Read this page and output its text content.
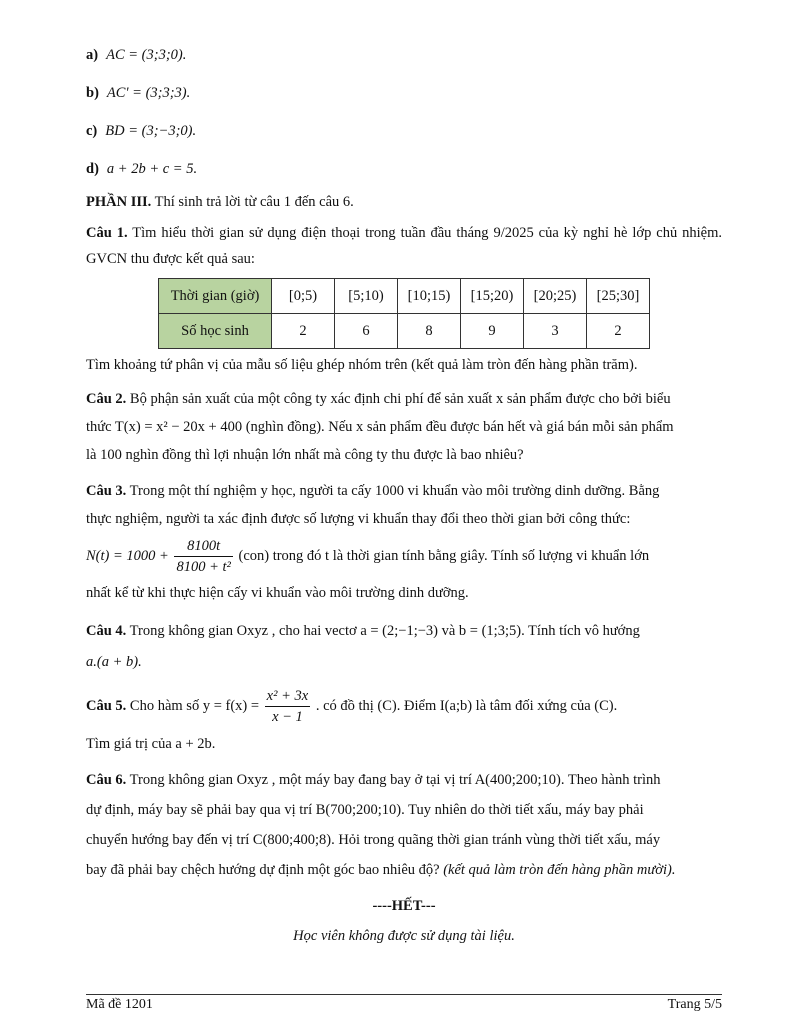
a) AC = (3;3;0).
b) AC' = (3;3;3).
c) BD = (3;−3;0).
d) a + 2b + c = 5.

PHẦN III. Thí sinh trả lời từ câu 1 đến câu 6.

Câu 1. Tìm hiểu thời gian sử dụng điện thoại trong tuần đầu tháng 9/2025 của kỳ nghỉ hè lớp chủ nhiệm. GVCN thu được kết quả sau:

Thời gian (giờ)	[0;5)	[5;10)	[10;15)	[15;20)	[20;25)	[25;30]
Số học sinh	2	6	8	9	3	2

Tìm khoảng tứ phân vị của mẫu số liệu ghép nhóm trên (kết quả làm tròn đến hàng phần trăm).

Câu 2. Bộ phận sản xuất của một công ty xác định chi phí để sản xuất x sản phẩm được cho bởi biểu

thức T(x) = x² − 20x + 400 (nghìn đồng). Nếu x sản phẩm đều được bán hết và giá bán mỗi sản phẩm

là 100 nghìn đồng thì lợi nhuận lớn nhất mà công ty thu được là bao nhiêu?

Câu 3. Trong một thí nghiệm y học, người ta cấy 1000 vi khuẩn vào môi trường dinh dưỡng. Bằng

thực nghiệm, người ta xác định được số lượng vi khuẩn thay đổi theo thời gian bởi công thức:

$N(t) = 1000 + \frac{8100t}{\text{8100 + t²}} (con)$ trong đó t là thời gian tính bằng giây. Tính số lượng vi khuẩn lớn

nhất kể từ khi thực hiện cấy vi khuẩn vào môi trường dinh dưỡng.

Câu 4. Trong không gian Oxyz , cho hai vectơ a = (2;−1;−3) và b = (1;3;5). Tính tích vô hướng

a.(a + b).

Câu 5. Cho hàm số $y = f(x) = \frac{\text{x² + 3x}}{x - 1}$ . có đồ thị (C). Điểm I(a;b) là tâm đối xứng của (C).

Tìm giá trị của a + 2b.

Câu 6. Trong không gian Oxyz , một máy bay đang bay ở tại vị trí A(400;200;10). Theo hành trình

dự định, máy bay sẽ phải bay qua vị trí B(700;200;10). Tuy nhiên do thời tiết xấu, máy bay phải

chuyển hướng bay đến vị trí C(800;400;8). Hỏi trong quãng thời gian tránh vùng thời tiết xấu, máy

bay đã phải bay chệch hướng dự định một góc bao nhiêu độ? (kết quả làm tròn đến hàng phần mười).

----HẾT---

Học viên không được sử dụng tài liệu.

Mã đề 1201	Trang 5/5
